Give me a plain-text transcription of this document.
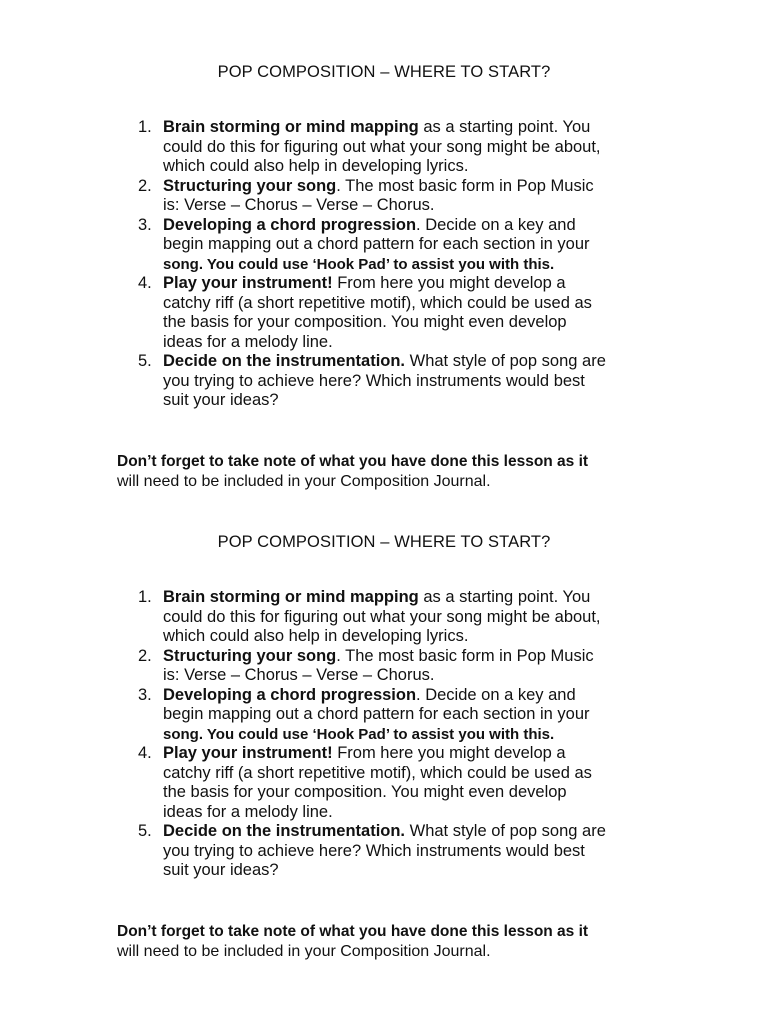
POP COMPOSITION – WHERE TO START?
1. Brain storming or mind mapping as a starting point. You
could do this for figuring out what your song might be about,
which could also help in developing lyrics.
2. Structuring your song. The most basic form in Pop Music
is: Verse – Chorus – Verse – Chorus.
3. Developing a chord progression. Decide on a key and
begin mapping out a chord pattern for each section in your
song. You could use ‘Hook Pad’ to assist you with this.
4. Play your instrument! From here you might develop a
catchy riff (a short repetitive motif), which could be used as
the basis for your composition. You might even develop
ideas for a melody line.
5. Decide on the instrumentation. What style of pop song are
you trying to achieve here? Which instruments would best
suit your ideas?
Don’t forget to take note of what you have done this lesson as it
will need to be included in your Composition Journal.
POP COMPOSITION – WHERE TO START?
1. Brain storming or mind mapping as a starting point. You
could do this for figuring out what your song might be about,
which could also help in developing lyrics.
2. Structuring your song. The most basic form in Pop Music
is: Verse – Chorus – Verse – Chorus.
3. Developing a chord progression. Decide on a key and
begin mapping out a chord pattern for each section in your
song. You could use ‘Hook Pad’ to assist you with this.
4. Play your instrument! From here you might develop a
catchy riff (a short repetitive motif), which could be used as
the basis for your composition. You might even develop
ideas for a melody line.
5. Decide on the instrumentation. What style of pop song are
you trying to achieve here? Which instruments would best
suit your ideas?
Don’t forget to take note of what you have done this lesson as it
will need to be included in your Composition Journal.
